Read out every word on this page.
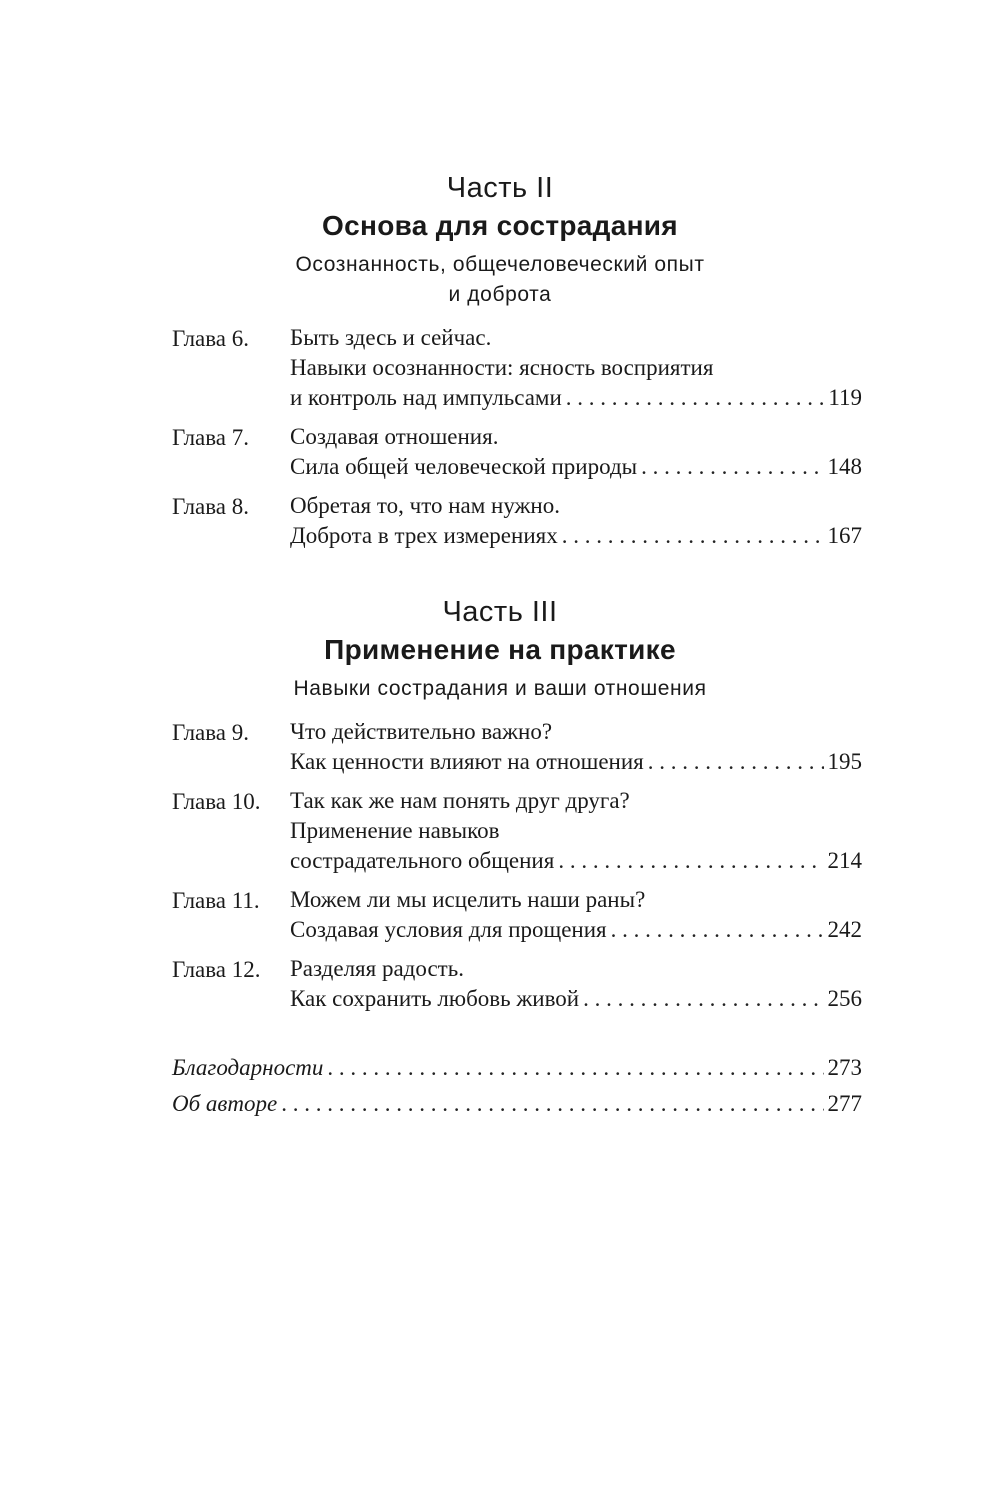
Часть II
Основа для сострадания
Осознанность, общечеловеческий опыт
и доброта
Глава 6. Быть здесь и сейчас.
Навыки осознанности: ясность восприятия
и контроль над импульсами . . .	119
Глава 7. Создавая отношения.
Сила общей человеческой природы . . .	148
Глава 8. Обретая то, что нам нужно.
Доброта в трех измерениях . . .	167
Часть III
Применение на практике
Навыки сострадания и ваши отношения
Глава 9. Что действительно важно?
Как ценности влияют на отношения . . .	195
Глава 10. Так как же нам понять друг друга?
Применение навыков
сострадательного общения . . .	214
Глава 11. Можем ли мы исцелить наши раны?
Создавая условия для прощения . . .	242
Глава 12. Разделяя радость.
Как сохранить любовь живой . . .	256
Благодарности . . .	273
Об авторе . . .	277
